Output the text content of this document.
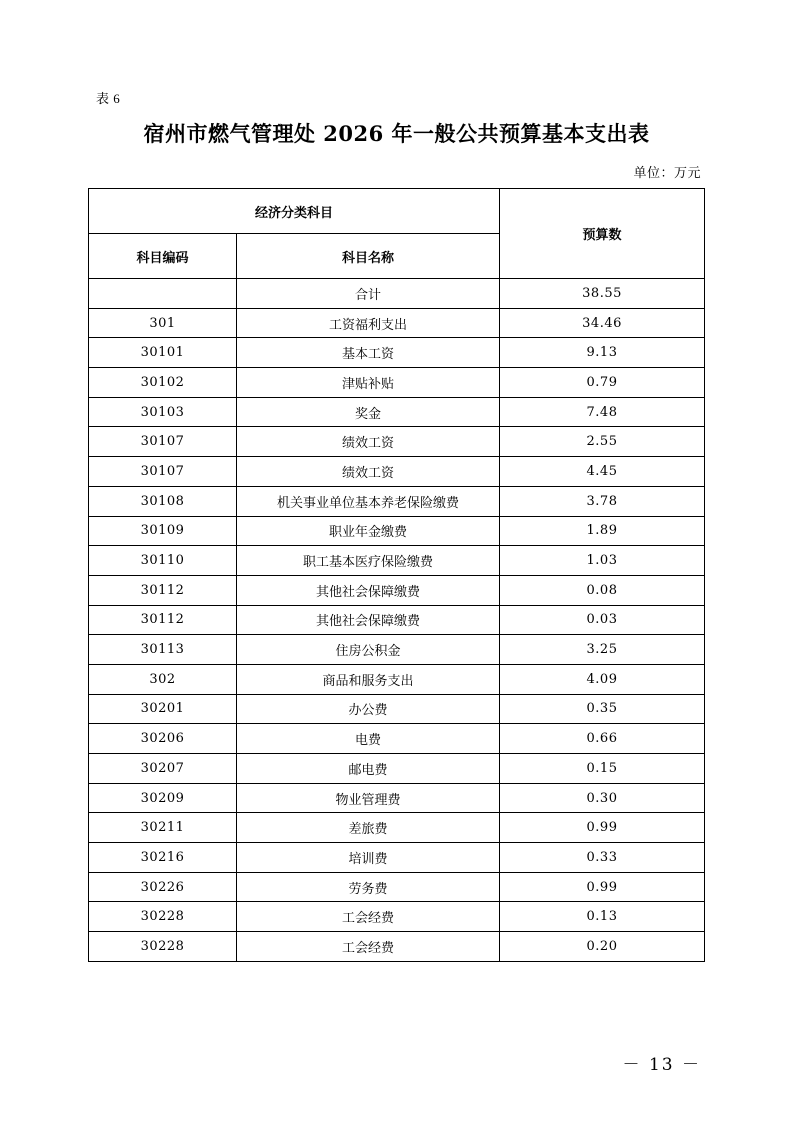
表 6
宿州市燃气管理处 2026 年一般公共预算基本支出表
单位：万元
经济分类科目		预算数
科目编码	科目名称	
	合计	38.55
301	工资福利支出	34.46
30101	基本工资	9.13
30102	津贴补贴	0.79
30103	奖金	7.48
30107	绩效工资	2.55
30107	绩效工资	4.45
30108	机关事业单位基本养老保险缴费	3.78
30109	职业年金缴费	1.89
30110	职工基本医疗保险缴费	1.03
30112	其他社会保障缴费	0.08
30112	其他社会保障缴费	0.03
30113	住房公积金	3.25
302	商品和服务支出	4.09
30201	办公费	0.35
30206	电费	0.66
30207	邮电费	0.15
30209	物业管理费	0.30
30211	差旅费	0.99
30216	培训费	0.33
30226	劳务费	0.99
30228	工会经费	0.13
30228	工会经费	0.20
－ 13 －
